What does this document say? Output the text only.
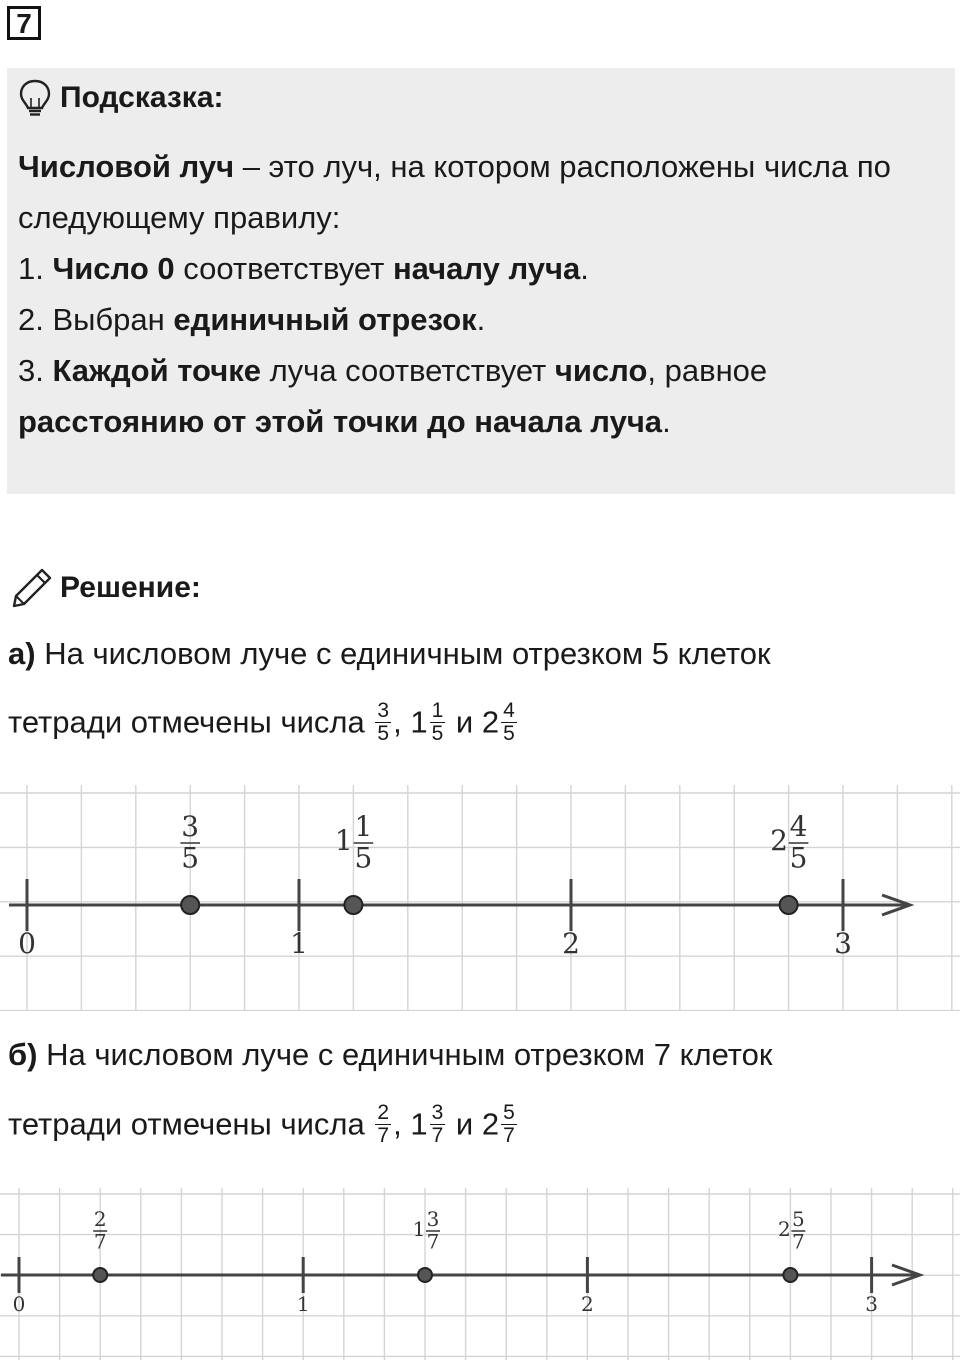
7
Подсказка:

Числовой луч – это луч, на котором расположены числа по следующему правилу:

1. Число 0 соответствует началу луча.

2. Выбран единичный отрезок.

3. Каждой точке луча соответствует число, равное расстоянию от этой точки до начала луча.

Решение:
а) На числовом луче с единичным отрезком 5 клеток
тетради отмечены числа $\frac{3}{5}$ , $1 \frac{1}{5}$ и $2 \frac{4}{5}$
0	1	2	3
3
5
1 1
5
2 4
5
б) На числовом луче с единичным отрезком 7 клеток
тетради отмечены числа $\frac{2}{7}$ , $1 \frac{3}{7}$ и $2 \frac{5}{7}$
0	1	2	3
2
7
1 3
7
2 5
7
